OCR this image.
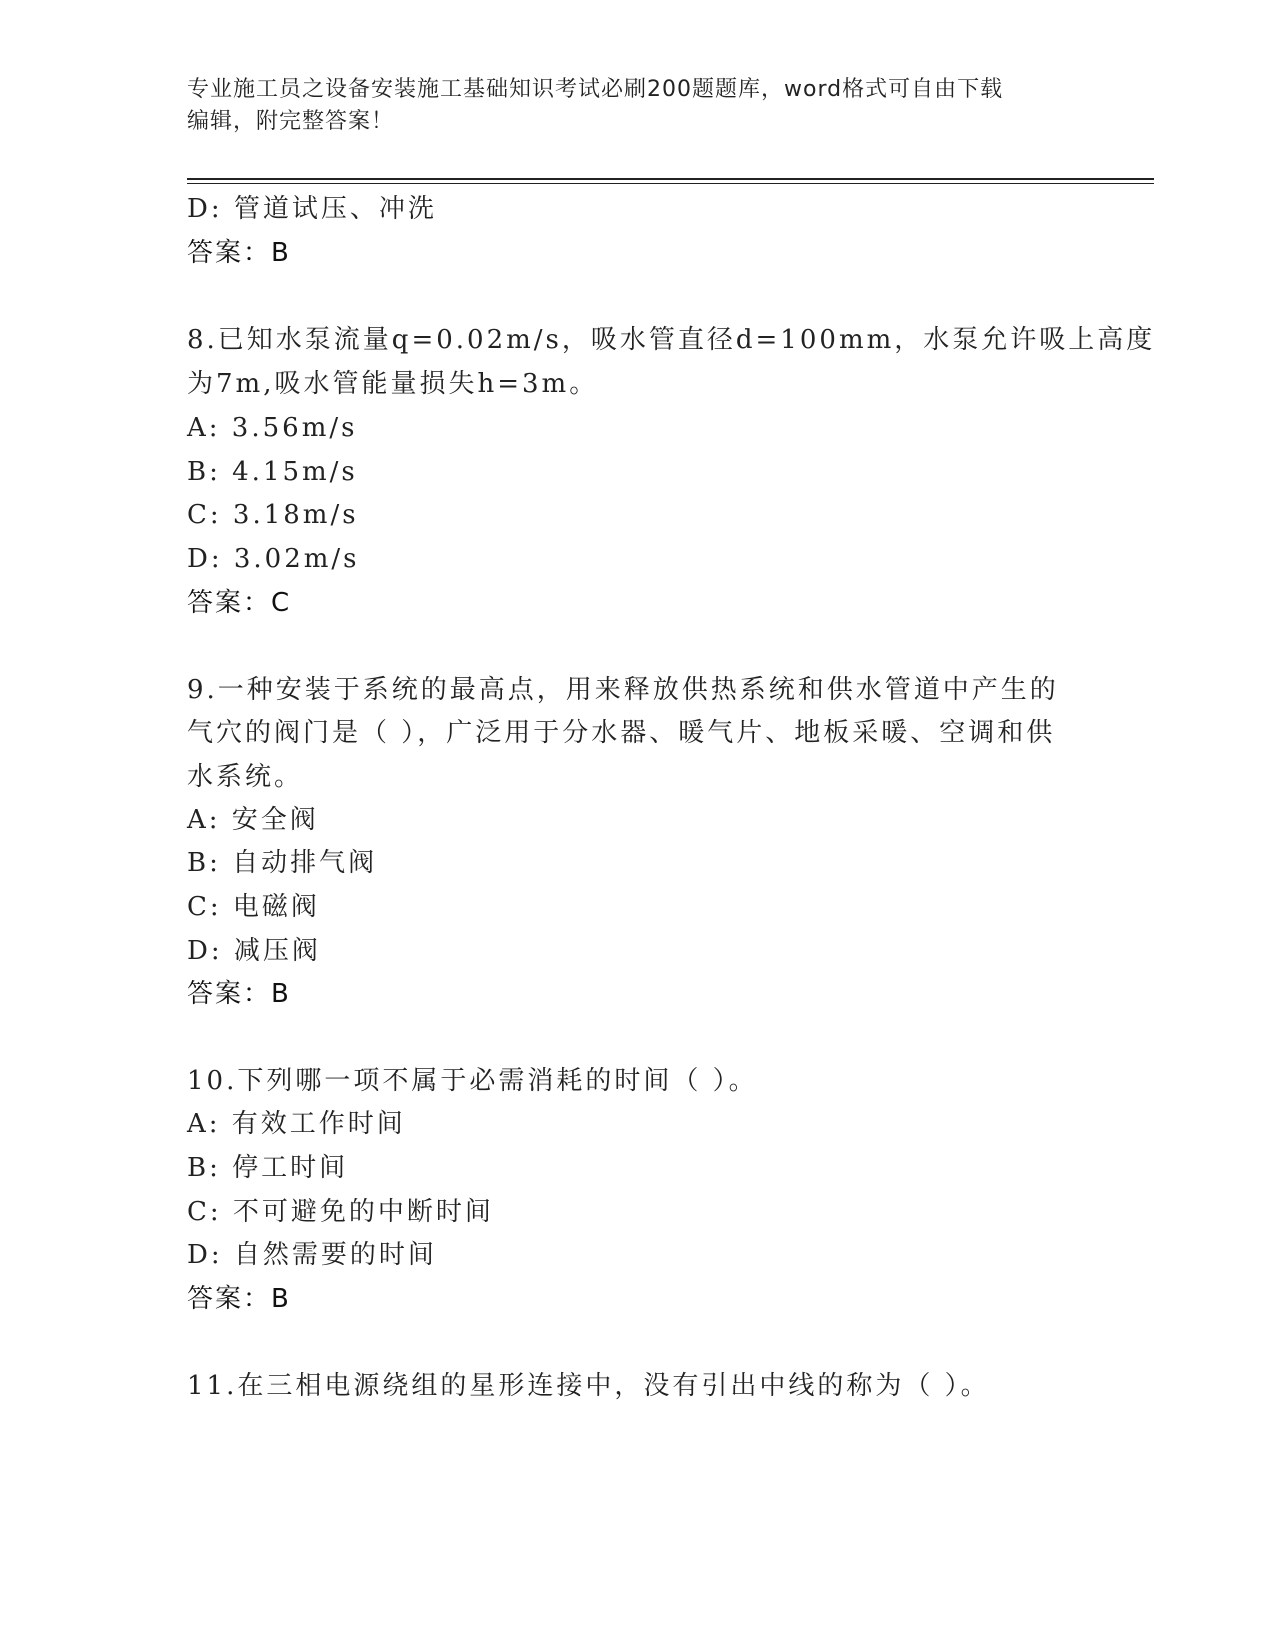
专业施工员之设备安装施工基础知识考试必刷200题题库，word格式可自由下载
编辑，附完整答案！
D: 管道试压、冲洗
答案：B
8.已知水泵流量q=0.02m/s，吸水管直径d=100mm，水泵允许吸上高度
为7m,吸水管能量损失h=3m。
A: 3.56m/s
B: 4.15m/s
C: 3.18m/s
D: 3.02m/s
答案：C
9.一种安装于系统的最高点，用来释放供热系统和供水管道中产生的
气穴的阀门是（ ），广泛用于分水器、暖气片、地板采暖、空调和供
水系统。
A: 安全阀
B: 自动排气阀
C: 电磁阀
D: 减压阀
答案：B
10.下列哪一项不属于必需消耗的时间（ ）。
A: 有效工作时间
B: 停工时间
C: 不可避免的中断时间
D: 自然需要的时间
答案：B
11.在三相电源绕组的星形连接中，没有引出中线的称为（ ）。
